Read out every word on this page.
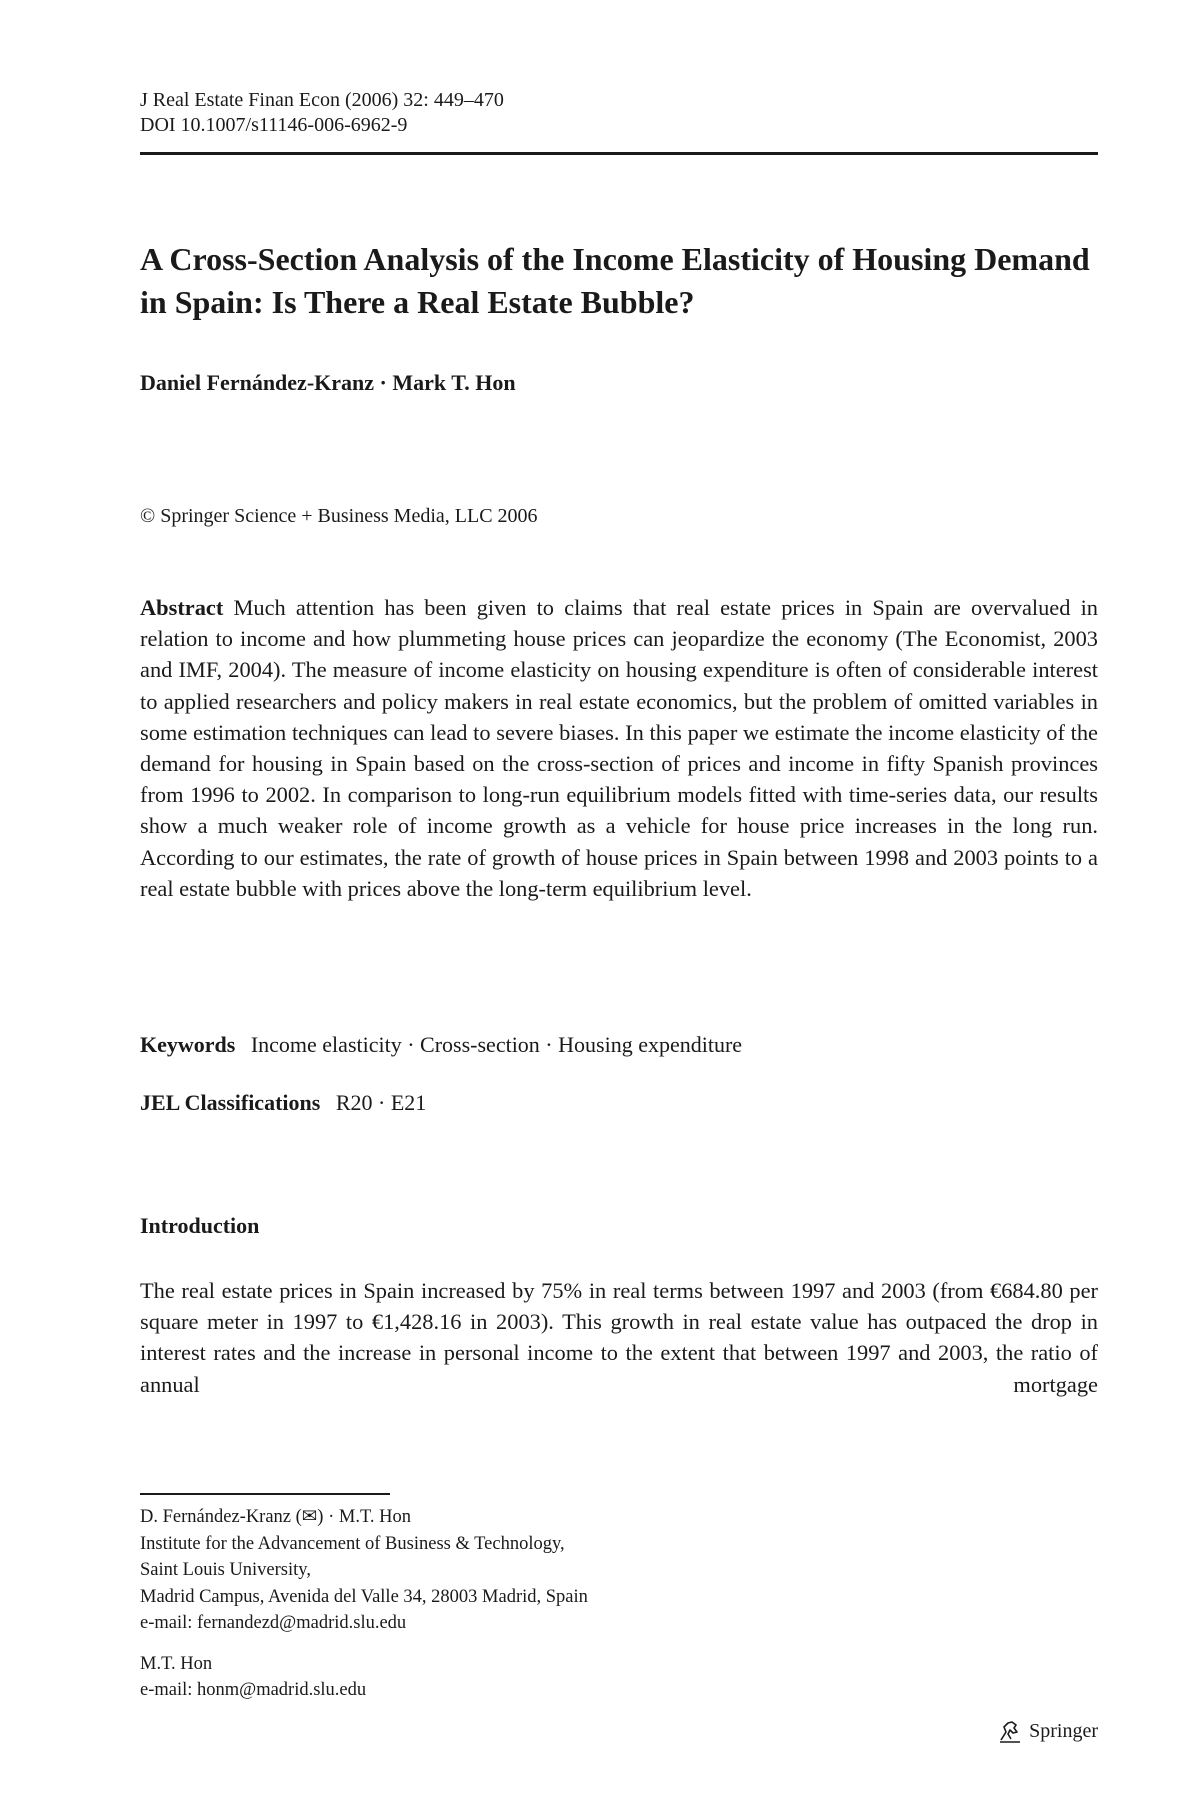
J Real Estate Finan Econ (2006) 32: 449–470
DOI 10.1007/s11146-006-6962-9
A Cross-Section Analysis of the Income Elasticity of Housing Demand in Spain: Is There a Real Estate Bubble?
Daniel Fernández-Kranz · Mark T. Hon
© Springer Science + Business Media, LLC 2006
Abstract Much attention has been given to claims that real estate prices in Spain are overvalued in relation to income and how plummeting house prices can jeopardize the economy (The Economist, 2003 and IMF, 2004). The measure of income elasticity on housing expenditure is often of considerable interest to applied researchers and policy makers in real estate economics, but the problem of omitted variables in some estimation techniques can lead to severe biases. In this paper we estimate the income elasticity of the demand for housing in Spain based on the cross-section of prices and income in fifty Spanish provinces from 1996 to 2002. In comparison to long-run equilibrium models fitted with time-series data, our results show a much weaker role of income growth as a vehicle for house price increases in the long run. According to our estimates, the rate of growth of house prices in Spain between 1998 and 2003 points to a real estate bubble with prices above the long-term equilibrium level.
Keywords Income elasticity · Cross-section · Housing expenditure
JEL Classifications R20 · E21
Introduction
The real estate prices in Spain increased by 75% in real terms between 1997 and 2003 (from €684.80 per square meter in 1997 to €1,428.16 in 2003). This growth in real estate value has outpaced the drop in interest rates and the increase in personal income to the extent that between 1997 and 2003, the ratio of annual mortgage
D. Fernández-Kranz (✉) · M.T. Hon
Institute for the Advancement of Business & Technology,
Saint Louis University,
Madrid Campus, Avenida del Valle 34, 28003 Madrid, Spain
e-mail: fernandezd@madrid.slu.edu
M.T. Hon
e-mail: honm@madrid.slu.edu
Springer
